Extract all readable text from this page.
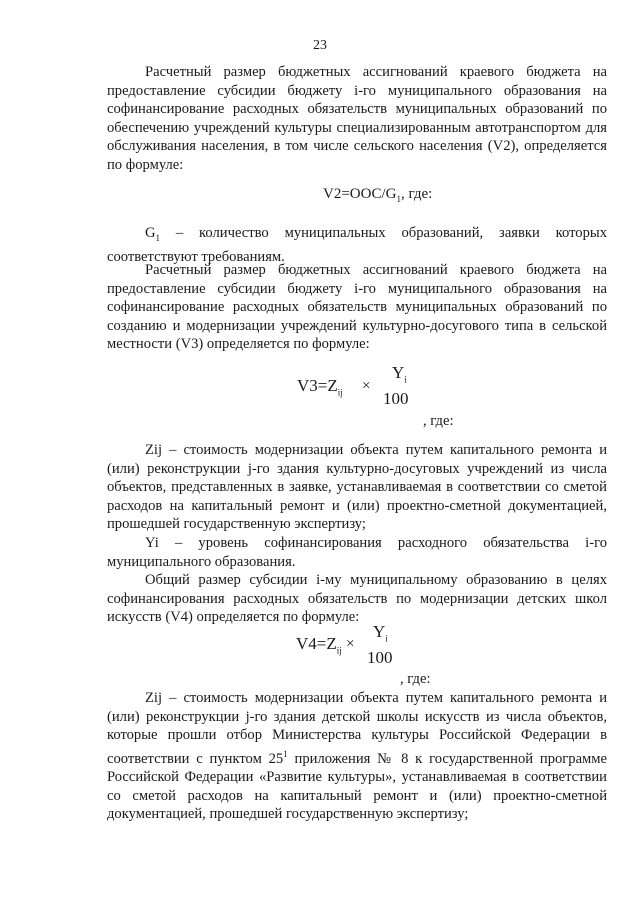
23

Расчетный размер бюджетных ассигнований краевого бюджета на предоставление субсидии бюджету i-го муниципального образования на софинансирование расходных обязательств муниципальных образований по обеспечению учреждений культуры специализированным автотранспортом для обслуживания населения, в том числе сельского населения (V2), определяется по формуле:

$V2=OOC/G_1$, где:

$G_1$ – количество муниципальных образований, заявки которых соответствуют требованиям.

Расчетный размер бюджетных ассигнований краевого бюджета на предоставление субсидии бюджету i-го муниципального образования на софинансирование расходных обязательств муниципальных образований по созданию и модернизации учреждений культурно-досугового типа в сельской местности (V3) определяется по формуле:

$V3=Z_{ij}$ ×
$Y_i$
100
, где:

Zij – стоимость модернизации объекта путем капитального ремонта и (или) реконструкции j-го здания культурно-досуговых учреждений из числа объектов, представленных в заявке, устанавливаемая в соответствии со сметой расходов на капитальный ремонт и (или) проектно-сметной документацией, прошедшей государственную экспертизу;

Yi – уровень софинансирования расходного обязательства i-го муниципального образования.

Общий размер субсидии i-му муниципальному образованию в целях софинансирования расходных обязательств по модернизации детских школ искусств (V4) определяется по формуле:

$V4=Z_{ij}$ ×
$Y_i$
100
, где:

Zij – стоимость модернизации объекта путем капитального ремонта и (или) реконструкции j-го здания детской школы искусств из числа объектов, которые прошли отбор Министерства культуры Российской Федерации в соответствии с пунктом $25^1$ приложения № 8 к государственной программе Российской Федерации «Развитие культуры», устанавливаемая в соответствии со сметой расходов на капитальный ремонт и (или) проектно-сметной документацией, прошедшей государственную экспертизу;
